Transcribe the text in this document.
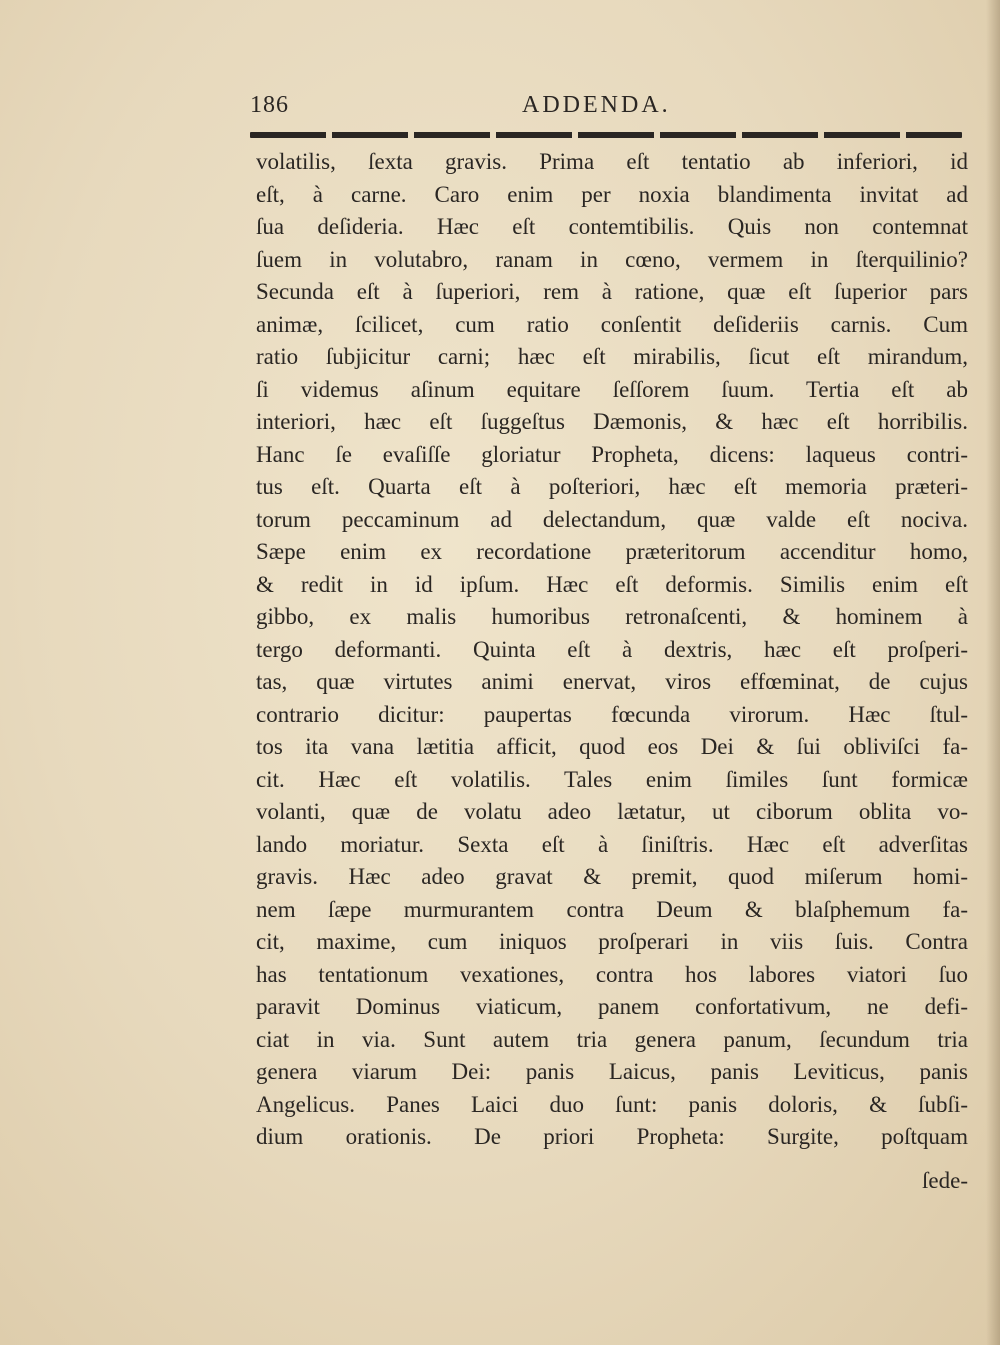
186	ADDENDA.
volatilis, ſexta gravis. Prima eſt tentatio ab inferiori, id
eſt, à carne. Caro enim per noxia blandimenta invitat ad
ſua deſideria. Hæc eſt contemtibilis. Quis non contemnat
ſuem in volutabro, ranam in cœno, vermem in ſterquilinio?
Secunda eſt à ſuperiori, rem à ratione, quæ eſt ſuperior pars
animæ, ſcilicet, cum ratio conſentit deſideriis carnis. Cum
ratio ſubjicitur carni; hæc eſt mirabilis, ſicut eſt mirandum,
ſi videmus aſinum equitare ſeſſorem ſuum. Tertia eſt ab
interiori, hæc eſt ſuggeſtus Dæmonis, & hæc eſt horribilis.
Hanc ſe evaſiſſe gloriatur Propheta, dicens: laqueus contri-
tus eſt. Quarta eſt à poſteriori, hæc eſt memoria præteri-
torum peccaminum ad delectandum, quæ valde eſt nociva.
Sæpe enim ex recordatione præteritorum accenditur homo,
& redit in id ipſum. Hæc eſt deformis. Similis enim eſt
gibbo, ex malis humoribus retronaſcenti, & hominem à
tergo deformanti. Quinta eſt à dextris, hæc eſt proſperi-
tas, quæ virtutes animi enervat, viros effœminat, de cujus
contrario dicitur: paupertas fœcunda virorum. Hæc ſtul-
tos ita vana lætitia afficit, quod eos Dei & ſui obliviſci fa-
cit. Hæc eſt volatilis. Tales enim ſimiles ſunt formicæ
volanti, quæ de volatu adeo lætatur, ut ciborum oblita vo-
lando moriatur. Sexta eſt à ſiniſtris. Hæc eſt adverſitas
gravis. Hæc adeo gravat & premit, quod miſerum homi-
nem ſæpe murmurantem contra Deum & blaſphemum fa-
cit, maxime, cum iniquos proſperari in viis ſuis. Contra
has tentationum vexationes, contra hos labores viatori ſuo
paravit Dominus viaticum, panem confortativum, ne defi-
ciat in via. Sunt autem tria genera panum, ſecundum tria
genera viarum Dei: panis Laicus, panis Leviticus, panis
Angelicus. Panes Laici duo ſunt: panis doloris, & ſubſi-
dium orationis. De priori Propheta: Surgite, poſtquam
ſede-
